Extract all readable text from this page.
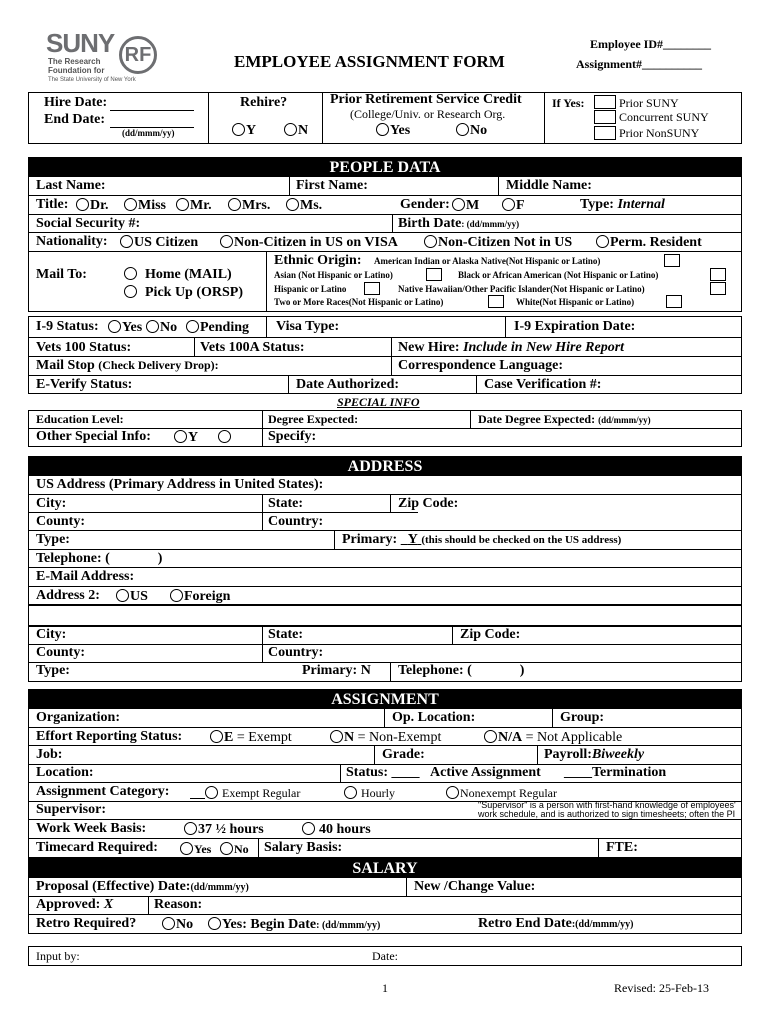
SUNY RF
The Research
Foundation for
The State University of New York
Employee ID#________
Assignment#__________
EMPLOYEE ASSIGNMENT FORM
Hire Date:
End Date:
(dd/mmm/yy)
Rehire?
Y	N
Prior Retirement Service Credit
(College/Univ. or Research Org.
Yes	No
If Yes:	Prior SUNY
Concurrent SUNY
Prior NonSUNY
PEOPLE DATA
Last Name:	First Name:	Middle Name:
Title:	Dr.	Miss	Mr.	Mrs.	Ms.	Gender:	M	F	Type: Internal
Social Security #:	Birth Date: (dd/mmm/yy)
Nationality:	US Citizen	Non-Citizen in US on VISA	Non-Citizen Not in US	Perm. Resident
Mail To:	Home (MAIL)
Pick Up (ORSP)
Ethnic Origin: American Indian or Alaska Native(Not Hispanic or Latino)
Asian (Not Hispanic or Latino)	Black or African American (Not Hispanic or Latino)
Hispanic or Latino	Native Hawaiian/Other Pacific Islander(Not Hispanic or Latino)
Two or More Races(Not Hispanic or Latino)	White(Not Hispanic or Latino)
I-9 Status:	Yes	No	Pending Visa Type:	I-9 Expiration Date:
Vets 100 Status:	Vets 100A Status:	New Hire: Include in New Hire Report
Mail Stop (Check Delivery Drop):	Correspondence Language:
E-Verify Status:	Date Authorized:	Case Verification #:
SPECIAL INFO
Education Level:	Degree Expected:	Date Degree Expected: (dd/mmm/yy)
Other Special Info:	Y	Specify:
ADDRESS
US Address (Primary Address in United States):
City:	State:	Zip Code:
County:	Country:
Type:	Primary: Y (this should be checked on the US address)
Telephone: (	)
E-Mail Address:
Address 2:	US	Foreign
City:	State:	Zip Code:
County:	Country:
Type:	Primary: N Telephone: (	)
ASSIGNMENT
Organization:	Op. Location:	Group:
Effort Reporting Status:	E = Exempt	N = Non-Exempt	N/A = Not Applicable
Job:	Grade:	Payroll:Biweekly
Location:	Status: ____ Active Assignment ____Termination
Assignment Category:	Exempt Regular	Hourly	Nonexempt Regular
Supervisor:	"Supervisor" is a person with first-hand knowledge of employees'
work schedule, and is authorized to sign timesheets; often the PI
Work Week Basis:	37 ½ hours	40 hours
Timecard Required:	Yes	No Salary Basis:	FTE:
SALARY
Proposal (Effective) Date:(dd/mmm/yy)	New /Change Value:
Approved: X	Reason:
Retro Required?	No	Yes: Begin Date: (dd/mmm/yy)	Retro End Date:(dd/mmm/yy)
Input by:	Date:
1	Revised: 25-Feb-13
